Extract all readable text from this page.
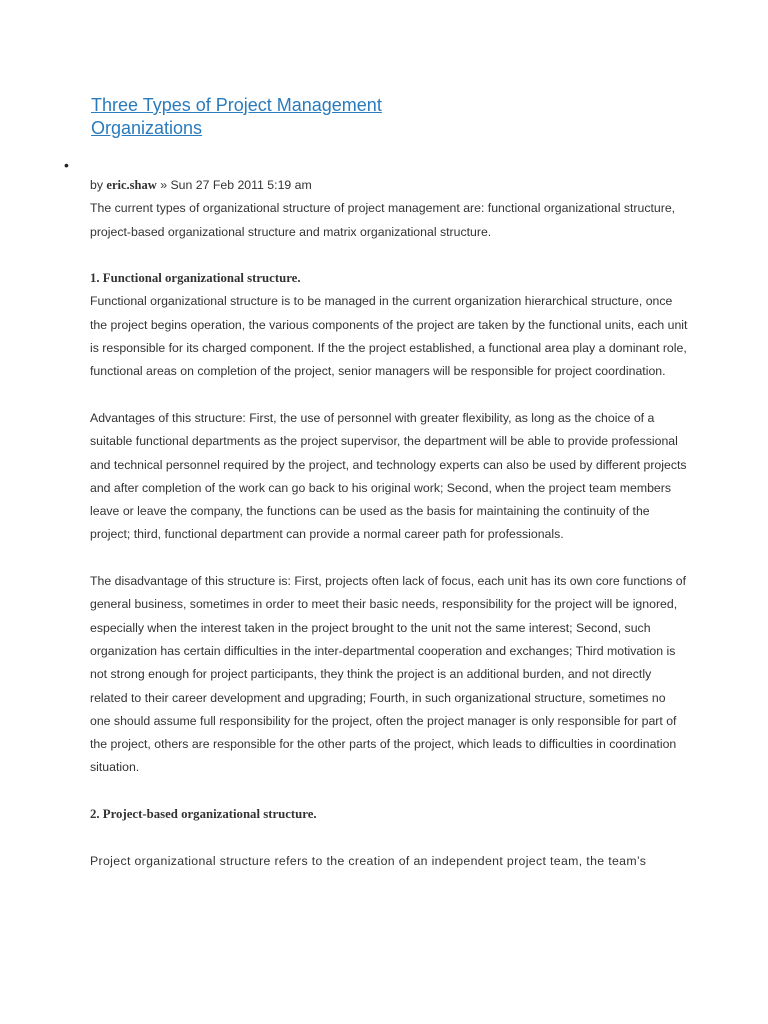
Three Types of Project Management Organizations
•

by eric.shaw » Sun 27 Feb 2011 5:19 am

The current types of organizational structure of project management are: functional organizational structure, project-based organizational structure and matrix organizational structure.

1. Functional organizational structure.

Functional organizational structure is to be managed in the current organization hierarchical structure, once the project begins operation, the various components of the project are taken by the functional units, each unit is responsible for its charged component. If the the project established, a functional area play a dominant role, functional areas on completion of the project, senior managers will be responsible for project coordination.

Advantages of this structure: First, the use of personnel with greater flexibility, as long as the choice of a suitable functional departments as the project supervisor, the department will be able to provide professional and technical personnel required by the project, and technology experts can also be used by different projects and after completion of the work can go back to his original work; Second, when the project team members leave or leave the company, the functions can be used as the basis for maintaining the continuity of the project; third, functional department can provide a normal career path for professionals.

The disadvantage of this structure is: First, projects often lack of focus, each unit has its own core functions of general business, sometimes in order to meet their basic needs, responsibility for the project will be ignored, especially when the interest taken in the project brought to the unit not the same interest; Second, such organization has certain difficulties in the inter-departmental cooperation and exchanges; Third motivation is not strong enough for project participants, they think the project is an additional burden, and not directly related to their career development and upgrading; Fourth, in such organizational structure, sometimes no one should assume full responsibility for the project, often the project manager is only responsible for part of the project, others are responsible for the other parts of the project, which leads to difficulties in coordination situation.

2. Project-based organizational structure.

Project organizational structure refers to the creation of an independent project team, the team’s
